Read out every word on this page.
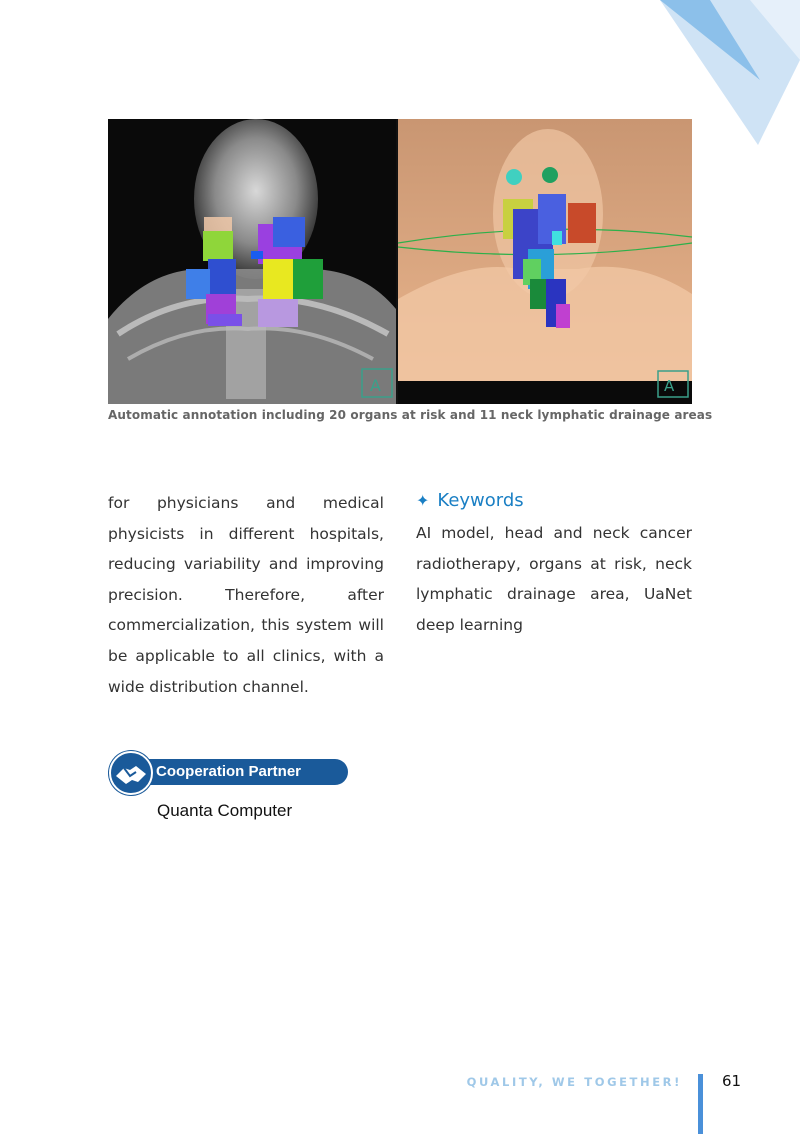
A	A
Automatic annotation including 20 organs at risk and 11 neck lymphatic drainage areas

for physicians and medical physicists in different hospitals, reducing variability and improving precision. Therefore, after commercialization, this system will be applicable to all clinics, with a wide distribution channel.

✦ Keywords
AI model, head and neck cancer radiotherapy, organs at risk, neck lymphatic drainage area, UaNet deep learning
Cooperation Partner
Quanta Computer
QUALITY, WE TOGETHER!	61
